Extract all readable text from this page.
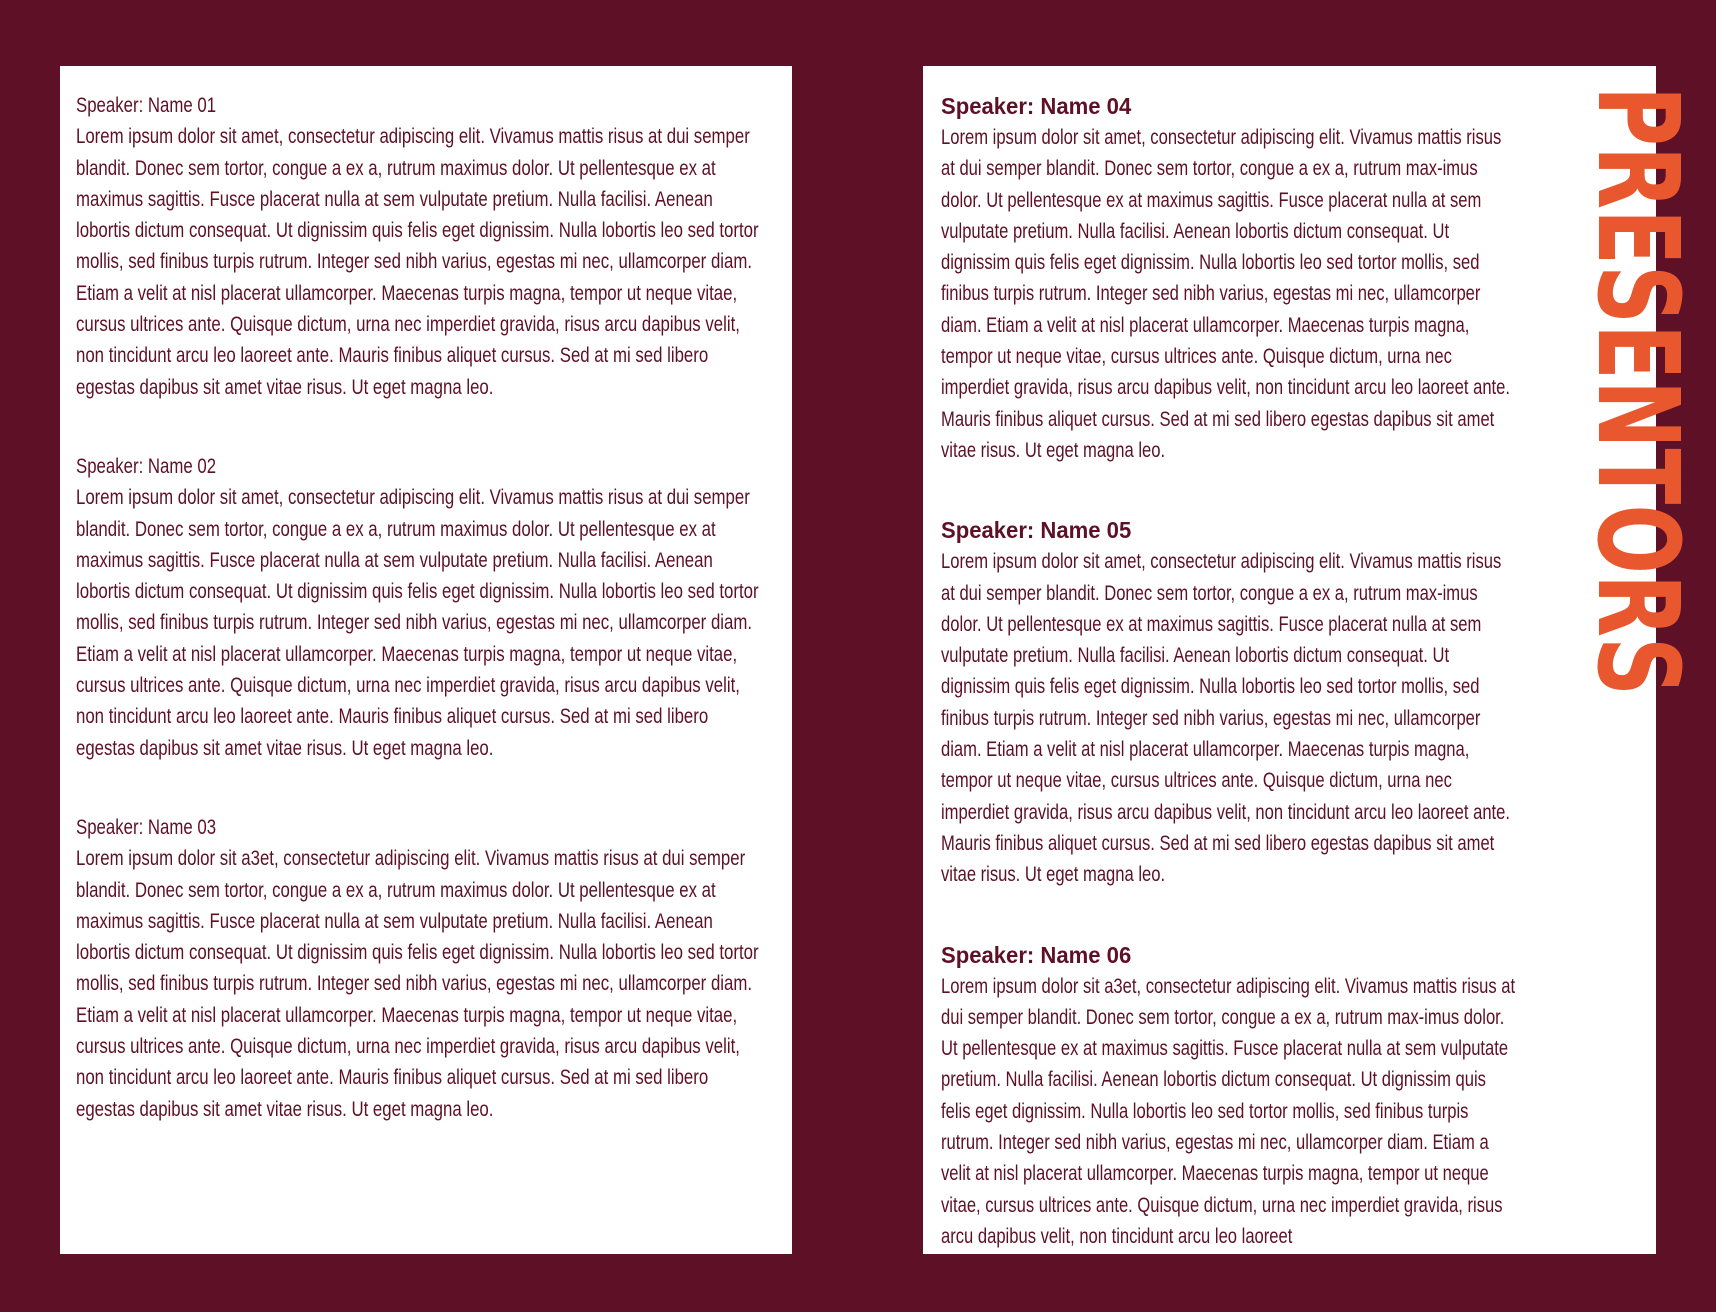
Speaker: Name 01
Lorem ipsum dolor sit amet, consectetur adipiscing elit. Vivamus mattis risus at dui semper blandit. Donec sem tortor, congue a ex a, rutrum maximus dolor. Ut pellentesque ex at maximus sagittis. Fusce placerat nulla at sem vulputate pretium. Nulla facilisi. Aenean lobortis dictum consequat. Ut dignissim quis felis eget dignissim. Nulla lobortis leo sed tortor mollis, sed finibus turpis rutrum. Integer sed nibh varius, egestas mi nec, ullamcorper diam. Etiam a velit at nisl placerat ullamcorper. Maecenas turpis magna, tempor ut neque vitae, cursus ultrices ante. Quisque dictum, urna nec imperdiet gravida, risus arcu dapibus velit, non tincidunt arcu leo laoreet ante. Mauris finibus aliquet cursus. Sed at mi sed libero egestas dapibus sit amet vitae risus. Ut eget magna leo.
Speaker: Name 02
Lorem ipsum dolor sit amet, consectetur adipiscing elit. Vivamus mattis risus at dui semper blandit. Donec sem tortor, congue a ex a, rutrum maximus dolor. Ut pellentesque ex at maximus sagittis. Fusce placerat nulla at sem vulputate pretium. Nulla facilisi. Aenean lobortis dictum consequat. Ut dignissim quis felis eget dignissim. Nulla lobortis leo sed tortor mollis, sed finibus turpis rutrum. Integer sed nibh varius, egestas mi nec, ullamcorper diam. Etiam a velit at nisl placerat ullamcorper. Maecenas turpis magna, tempor ut neque vitae, cursus ultrices ante. Quisque dictum, urna nec imperdiet gravida, risus arcu dapibus velit, non tincidunt arcu leo laoreet ante. Mauris finibus aliquet cursus. Sed at mi sed libero egestas dapibus sit amet vitae risus. Ut eget magna leo.
Speaker: Name 03
Lorem ipsum dolor sit a3et, consectetur adipiscing elit. Vivamus mattis risus at dui semper blandit. Donec sem tortor, congue a ex a, rutrum maximus dolor. Ut pellentesque ex at maximus sagittis. Fusce placerat nulla at sem vulputate pretium. Nulla facilisi. Aenean lobortis dictum consequat. Ut dignissim quis felis eget dignissim. Nulla lobortis leo sed tortor mollis, sed finibus turpis rutrum. Integer sed nibh varius, egestas mi nec, ullamcorper diam. Etiam a velit at nisl placerat ullamcorper. Maecenas turpis magna, tempor ut neque vitae, cursus ultrices ante. Quisque dictum, urna nec imperdiet gravida, risus arcu dapibus velit, non tincidunt arcu leo laoreet ante. Mauris finibus aliquet cursus. Sed at mi sed libero egestas dapibus sit amet vitae risus. Ut eget magna leo.
Speaker: Name 04
Lorem ipsum dolor sit amet, consectetur adipiscing elit. Vivamus mattis risus at dui semper blandit. Donec sem tortor, congue a ex a, rutrum max-imus dolor. Ut pellentesque ex at maximus sagittis. Fusce placerat nulla at sem vulputate pretium. Nulla facilisi. Aenean lobortis dictum consequat. Ut dignissim quis felis eget dignissim. Nulla lobortis leo sed tortor mollis, sed finibus turpis rutrum. Integer sed nibh varius, egestas mi nec, ullamcorper diam. Etiam a velit at nisl placerat ullamcorper. Maecenas turpis magna, tempor ut neque vitae, cursus ultrices ante. Quisque dictum, urna nec imperdiet gravida, risus arcu dapibus velit, non tincidunt arcu leo laoreet ante. Mauris finibus aliquet cursus. Sed at mi sed libero egestas dapibus sit amet vitae risus. Ut eget magna leo.
Speaker: Name 05
Lorem ipsum dolor sit amet, consectetur adipiscing elit. Vivamus mattis risus at dui semper blandit. Donec sem tortor, congue a ex a, rutrum max-imus dolor. Ut pellentesque ex at maximus sagittis. Fusce placerat nulla at sem vulputate pretium. Nulla facilisi. Aenean lobortis dictum consequat. Ut dignissim quis felis eget dignissim. Nulla lobortis leo sed tortor mollis, sed finibus turpis rutrum. Integer sed nibh varius, egestas mi nec, ullamcorper diam. Etiam a velit at nisl placerat ullamcorper. Maecenas turpis magna, tempor ut neque vitae, cursus ultrices ante. Quisque dictum, urna nec imperdiet gravida, risus arcu dapibus velit, non tincidunt arcu leo laoreet ante. Mauris finibus aliquet cursus. Sed at mi sed libero egestas dapibus sit amet vitae risus. Ut eget magna leo.
Speaker: Name 06
Lorem ipsum dolor sit a3et, consectetur adipiscing elit. Vivamus mattis risus at dui semper blandit. Donec sem tortor, congue a ex a, rutrum max-imus dolor. Ut pellentesque ex at maximus sagittis. Fusce placerat nulla at sem vulputate pretium. Nulla facilisi. Aenean lobortis dictum consequat. Ut dignissim quis felis eget dignissim. Nulla lobortis leo sed tortor mollis, sed finibus turpis rutrum. Integer sed nibh varius, egestas mi nec, ullamcorper diam. Etiam a velit at nisl placerat ullamcorper. Maecenas turpis magna, tempor ut neque vitae, cursus ultrices ante. Quisque dictum, urna nec imperdiet gravida, risus arcu dapibus velit, non tincidunt arcu leo laoreet
PRESENTORS
